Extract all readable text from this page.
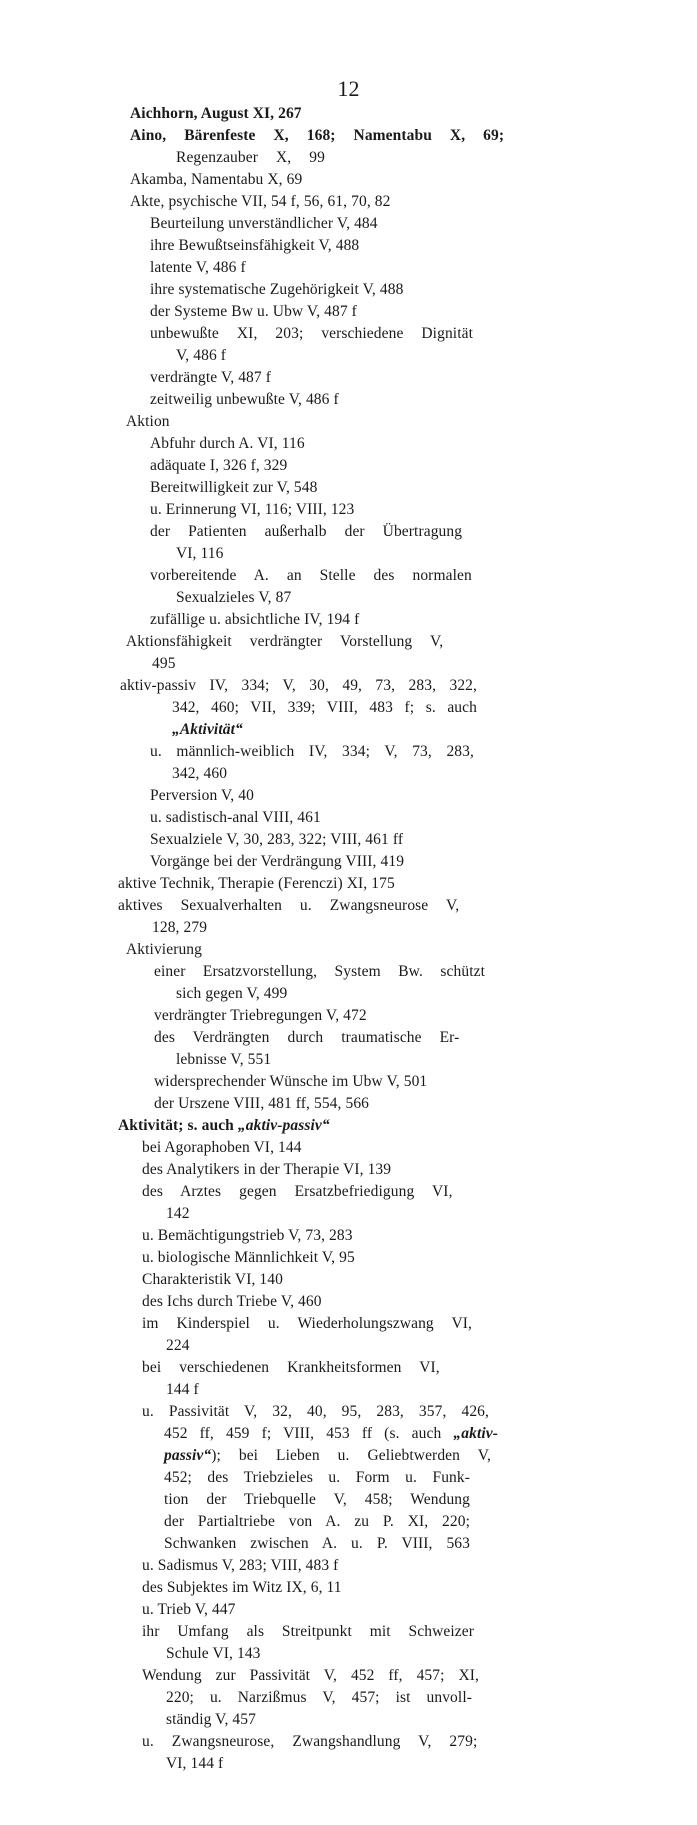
12
Aichhorn, August XI, 267
Aino, Bärenfeste X, 168; Namentabu X, 69;
Regenzauber X, 99
Akamba, Namentabu X, 69
Akte, psychische VII, 54 f, 56, 61, 70, 82
Beurteilung unverständlicher V, 484
ihre Bewußtseinsfähigkeit V, 488
latente V, 486 f
ihre systematische Zugehörigkeit V, 488
der Systeme Bw u. Ubw V, 487 f
unbewußte XI, 203; verschiedene Dignität
V, 486 f
verdrängte V, 487 f
zeitweilig unbewußte V, 486 f
Aktion
Abfuhr durch A. VI, 116
adäquate I, 326 f, 329
Bereitwilligkeit zur V, 548
u. Erinnerung VI, 116; VIII, 123
der Patienten außerhalb der Übertragung
VI, 116
vorbereitende A. an Stelle des normalen
Sexualzieles V, 87
zufällige u. absichtliche IV, 194 f
Aktionsfähigkeit verdrängter Vorstellung V,
495
aktiv-passiv IV, 334; V, 30, 49, 73, 283, 322,
342, 460; VII, 339; VIII, 483 f; s. auch
„Aktivität“
u. männlich-weiblich IV, 334; V, 73, 283,
342, 460
Perversion V, 40
u. sadistisch-anal VIII, 461
Sexualziele V, 30, 283, 322; VIII, 461 ff
Vorgänge bei der Verdrängung VIII, 419
aktive Technik, Therapie (Ferenczi) XI, 175
aktives Sexualverhalten u. Zwangsneurose V,
128, 279
Aktivierung
einer Ersatzvorstellung, System Bw. schützt
sich gegen V, 499
verdrängter Triebregungen V, 472
des Verdrängten durch traumatische Er-
lebnisse V, 551
widersprechender Wünsche im Ubw V, 501
der Urszene VIII, 481 ff, 554, 566
Aktivität; s. auch „aktiv-passiv“
bei Agoraphoben VI, 144
des Analytikers in der Therapie VI, 139
des Arztes gegen Ersatzbefriedigung VI,
142
u. Bemächtigungstrieb V, 73, 283
u. biologische Männlichkeit V, 95
Charakteristik VI, 140
des Ichs durch Triebe V, 460
im Kinderspiel u. Wiederholungszwang VI,
224
bei verschiedenen Krankheitsformen VI,
144 f
u. Passivität V, 32, 40, 95, 283, 357, 426,
452 ff, 459 f; VIII, 453 ff (s. auch „aktiv-
passiv“); bei Lieben u. Geliebtwerden V,
452; des Triebzieles u. Form u. Funk-
tion der Triebquelle V, 458; Wendung
der Partialtriebe von A. zu P. XI, 220;
Schwanken zwischen A. u. P. VIII, 563
u. Sadismus V, 283; VIII, 483 f
des Subjektes im Witz IX, 6, 11
u. Trieb V, 447
ihr Umfang als Streitpunkt mit Schweizer
Schule VI, 143
Wendung zur Passivität V, 452 ff, 457; XI,
220; u. Narzißmus V, 457; ist unvoll-
ständig V, 457
u. Zwangsneurose, Zwangshandlung V, 279;
VI, 144 f
